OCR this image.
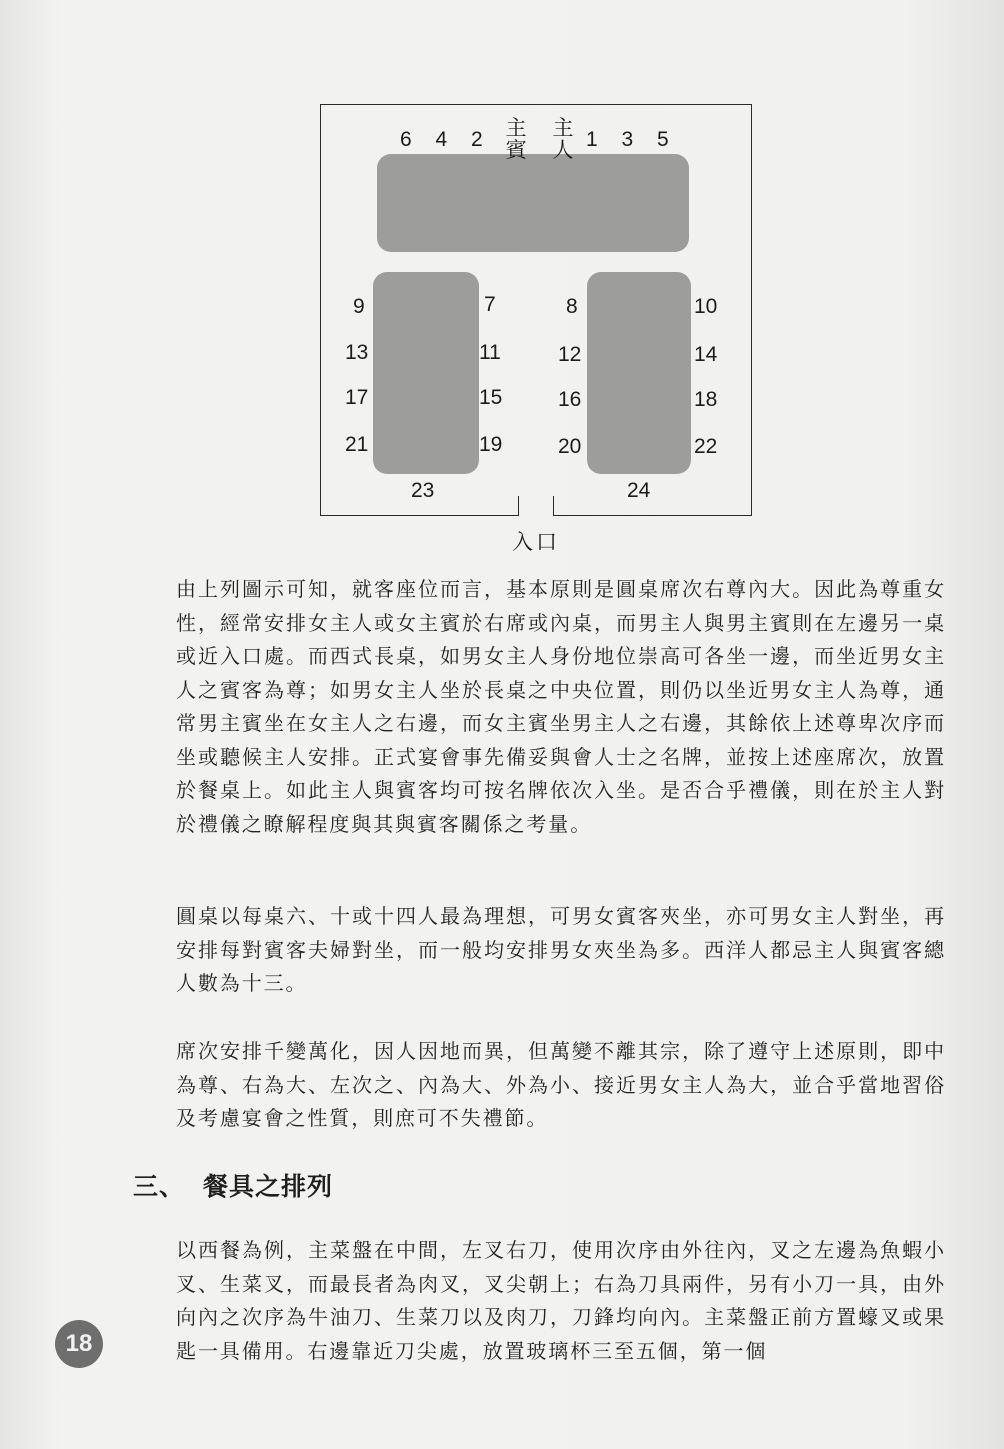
6 4 2 主賓
主人 1 3 5
9
13
17
21
7
11
15
19
8
12
16
20
10
14
18
22
23	24
入口
由上列圖示可知，就客座位而言，基本原則是圓桌席次右尊內大。因此為尊重女性，經常安排女主人或女主賓於右席或內桌，而男主人與男主賓則在左邊另一桌或近入口處。而西式長桌，如男女主人身份地位崇高可各坐一邊，而坐近男女主人之賓客為尊；如男女主人坐於長桌之中央位置，則仍以坐近男女主人為尊，通常男主賓坐在女主人之右邊，而女主賓坐男主人之右邊，其餘依上述尊卑次序而坐或聽候主人安排。正式宴會事先備妥與會人士之名牌，並按上述座席次，放置於餐桌上。如此主人與賓客均可按名牌依次入坐。是否合乎禮儀，則在於主人對於禮儀之瞭解程度與其與賓客關係之考量。
圓桌以每桌六、十或十四人最為理想，可男女賓客夾坐，亦可男女主人對坐，再安排每對賓客夫婦對坐，而一般均安排男女夾坐為多。西洋人都忌主人與賓客總人數為十三。
席次安排千變萬化，因人因地而異，但萬變不離其宗，除了遵守上述原則，即中為尊、右為大、左次之、內為大、外為小、接近男女主人為大，並合乎當地習俗及考慮宴會之性質，則庶可不失禮節。
三、 餐具之排列
以西餐為例，主菜盤在中間，左叉右刀，使用次序由外往內，叉之左邊為魚蝦小叉、生菜叉，而最長者為肉叉，叉尖朝上；右為刀具兩件，另有小刀一具，由外向內之次序為牛油刀、生菜刀以及肉刀，刀鋒均向內。主菜盤正前方置蠔叉或果匙一具備用。右邊靠近刀尖處，放置玻璃杯三至五個，第一個
18
